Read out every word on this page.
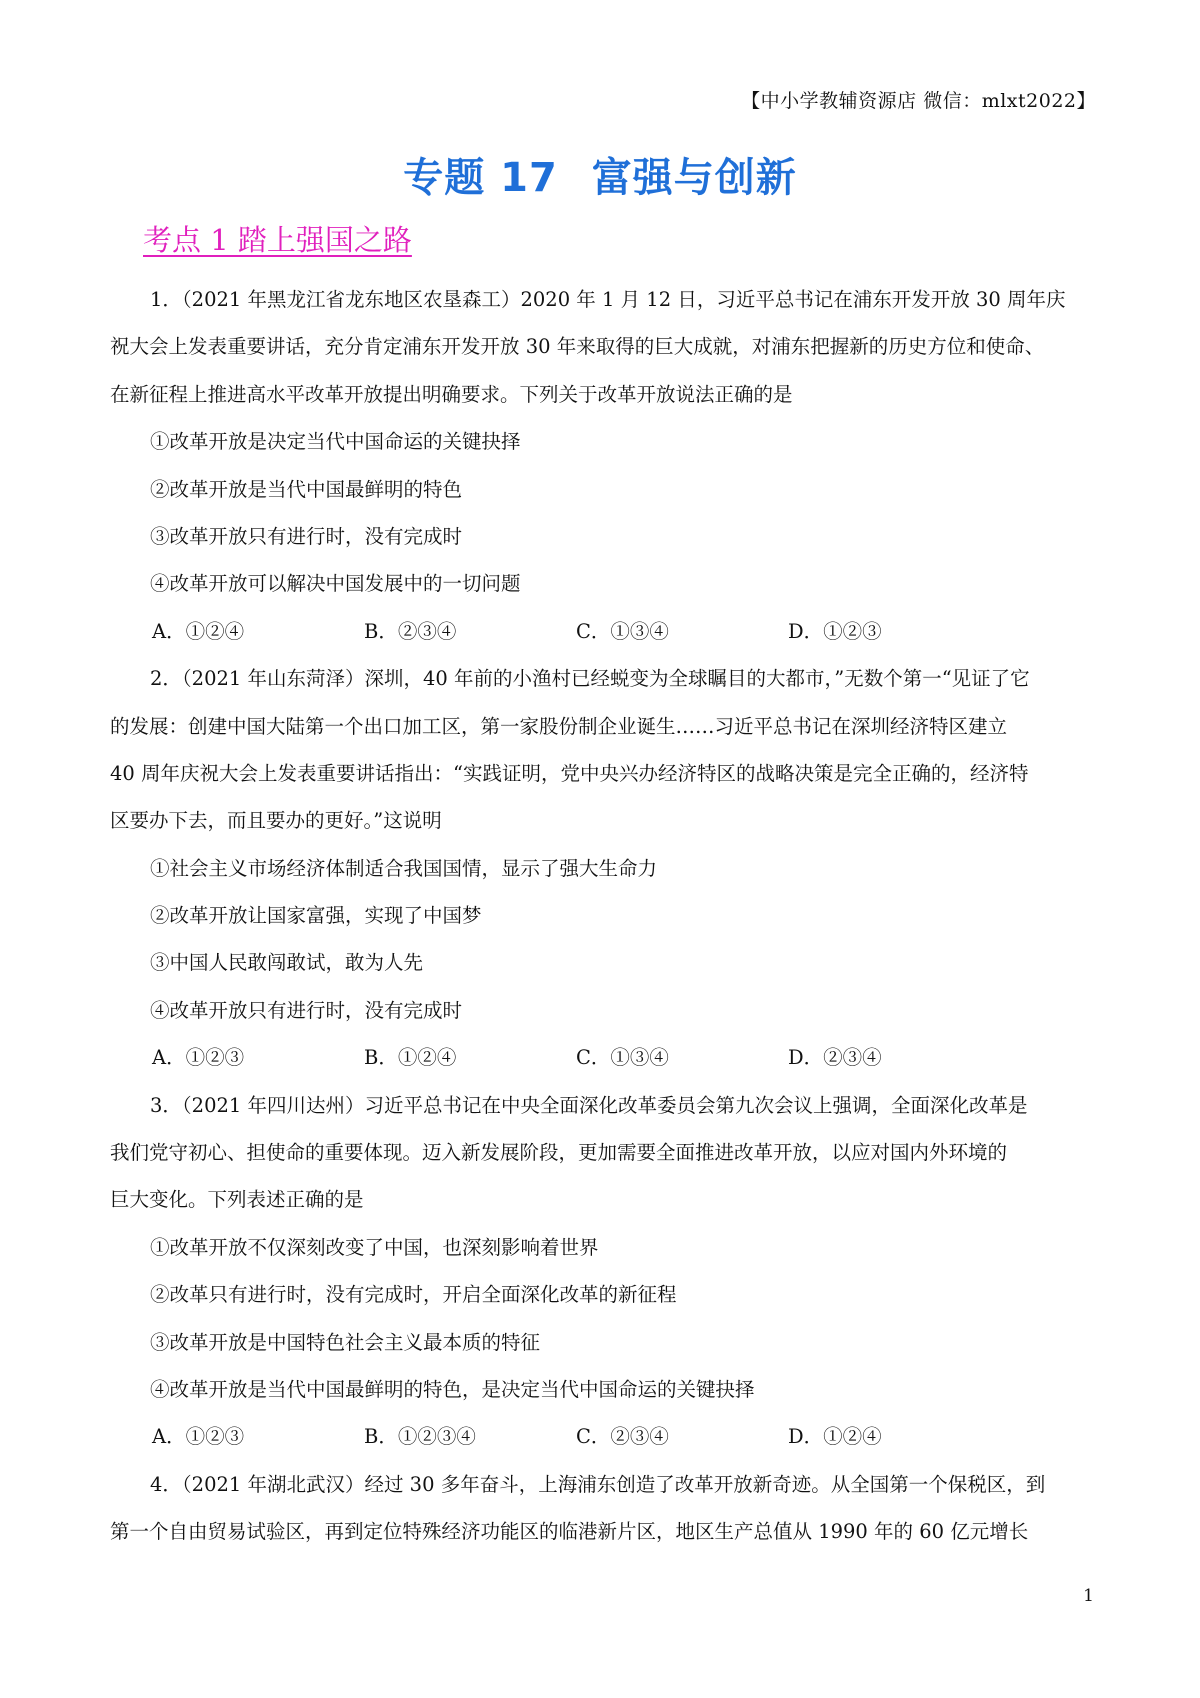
【中小学教辅资源店 微信：mlxt2022】
专题 17 富强与创新
考点 1 踏上强国之路
1．（2021 年黑龙江省龙东地区农垦森工）2020 年 1 月 12 日，习近平总书记在浦东开发开放 30 周年庆
祝大会上发表重要讲话，充分肯定浦东开发开放 30 年来取得的巨大成就，对浦东把握新的历史方位和使命、
在新征程上推进高水平改革开放提出明确要求。下列关于改革开放说法正确的是
①改革开放是决定当代中国命运的关键抉择
②改革开放是当代中国最鲜明的特色
③改革开放只有进行时，没有完成时
④改革开放可以解决中国发展中的一切问题
A．①②④	B．②③④	C．①③④	D．①②③
2．（2021 年山东菏泽）深圳，40 年前的小渔村已经蜕变为全球瞩目的大都市，”无数个第一“见证了它
的发展：创建中国大陆第一个出口加工区，第一家股份制企业诞生……习近平总书记在深圳经济特区建立
40 周年庆祝大会上发表重要讲话指出：“实践证明，党中央兴办经济特区的战略决策是完全正确的，经济特
区要办下去，而且要办的更好。”这说明
①社会主义市场经济体制适合我国国情，显示了强大生命力
②改革开放让国家富强，实现了中国梦
③中国人民敢闯敢试，敢为人先
④改革开放只有进行时，没有完成时
A．①②③	B．①②④	C．①③④	D．②③④
3．（2021 年四川达州）习近平总书记在中央全面深化改革委员会第九次会议上强调，全面深化改革是
我们党守初心、担使命的重要体现。迈入新发展阶段，更加需要全面推进改革开放，以应对国内外环境的
巨大变化。下列表述正确的是
①改革开放不仅深刻改变了中国，也深刻影响着世界
②改革只有进行时，没有完成时，开启全面深化改革的新征程
③改革开放是中国特色社会主义最本质的特征
④改革开放是当代中国最鲜明的特色，是决定当代中国命运的关键抉择
A．①②③	B．①②③④	C．②③④	D．①②④
4．（2021 年湖北武汉）经过 30 多年奋斗，上海浦东创造了改革开放新奇迹。从全国第一个保税区，到
第一个自由贸易试验区，再到定位特殊经济功能区的临港新片区，地区生产总值从 1990 年的 60 亿元增长
1
